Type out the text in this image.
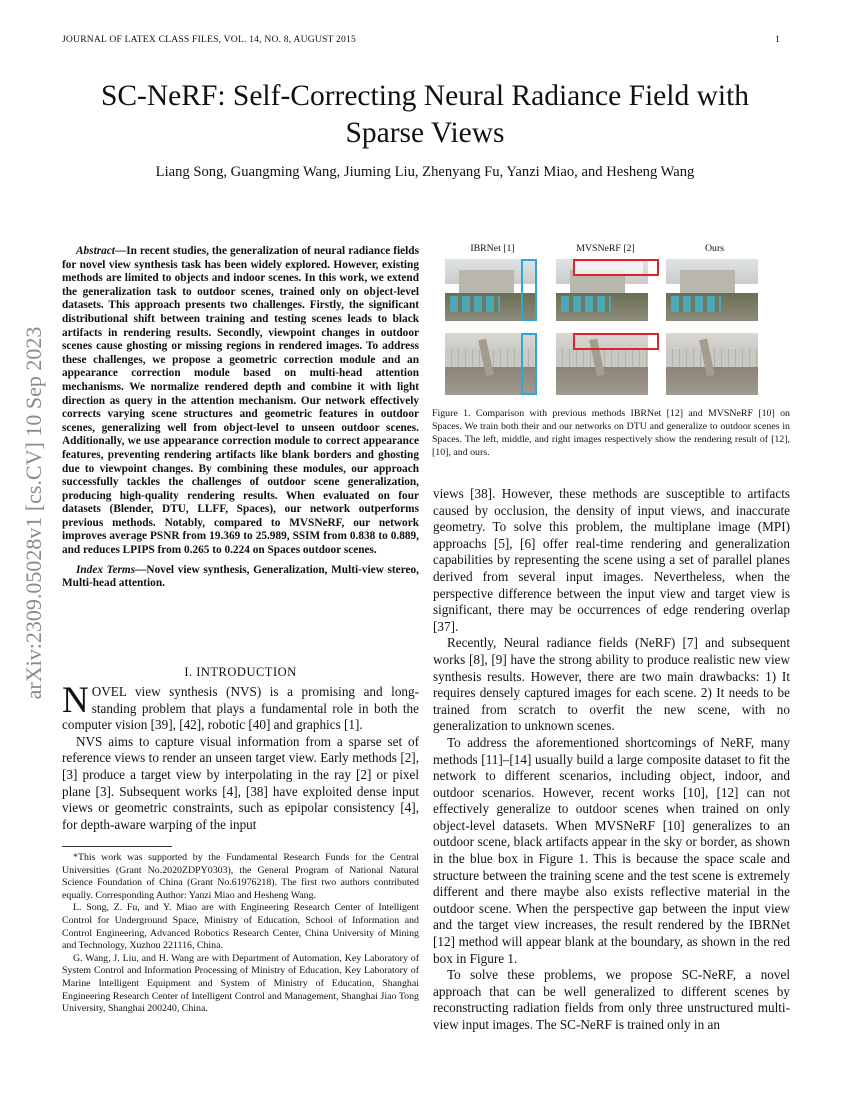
JOURNAL OF LATEX CLASS FILES, VOL. 14, NO. 8, AUGUST 2015	1
arXiv:2309.05028v1 [cs.CV] 10 Sep 2023
SC-NeRF: Self-Correcting Neural Radiance Field with Sparse Views
Liang Song, Guangming Wang, Jiuming Liu, Zhenyang Fu, Yanzi Miao, and Hesheng Wang

Abstract—In recent studies, the generalization of neural radiance fields for novel view synthesis task has been widely explored. However, existing methods are limited to objects and indoor scenes. In this work, we extend the generalization task to outdoor scenes, trained only on object-level datasets. This approach presents two challenges. Firstly, the significant distributional shift between training and testing scenes leads to black artifacts in rendering results. Secondly, viewpoint changes in outdoor scenes cause ghosting or missing regions in rendered images. To address these challenges, we propose a geometric correction module and an appearance correction module based on multi-head attention mechanisms. We normalize rendered depth and combine it with light direction as query in the attention mechanism. Our network effectively corrects varying scene structures and geometric features in outdoor scenes, generalizing well from object-level to unseen outdoor scenes. Additionally, we use appearance correction module to correct appearance features, preventing rendering artifacts like blank borders and ghosting due to viewpoint changes. By combining these modules, our approach successfully tackles the challenges of outdoor scene generalization, producing high-quality rendering results. When evaluated on four datasets (Blender, DTU, LLFF, Spaces), our network outperforms previous methods. Notably, compared to MVSNeRF, our network improves average PSNR from 19.369 to 25.989, SSIM from 0.838 to 0.889, and reduces LPIPS from 0.265 to 0.224 on Spaces outdoor scenes.

Index Terms—Novel view synthesis, Generalization, Multi-view stereo, Multi-head attention.

I. INTRODUCTION

NOVEL view synthesis (NVS) is a promising and long-standing problem that plays a fundamental role in both the computer vision [39], [42], robotic [40] and graphics [1].

NVS aims to capture visual information from a sparse set of reference views to render an unseen target view. Early methods [2], [3] produce a target view by interpolating in the ray [2] or pixel plane [3]. Subsequent works [4], [38] have exploited dense input views or geometric constraints, such as epipolar consistency [4], for depth-aware warping of the input

*This work was supported by the Fundamental Research Funds for the Central Universities (Grant No.2020ZDPY0303), the General Program of National Natural Science Foundation of China (Grant No.61976218). The first two authors contributed equally. Corresponding Author: Yanzi Miao and Hesheng Wang.

L. Song, Z. Fu, and Y. Miao are with Engineering Research Center of Intelligent Control for Underground Space, Ministry of Education, School of Information and Control Engineering, Advanced Robotics Research Center, China University of Mining and Technology, Xuzhou 221116, China.

G. Wang, J. Liu, and H. Wang are with Department of Automation, Key Laboratory of System Control and Information Processing of Ministry of Education, Key Laboratory of Marine Intelligent Equipment and System of Ministry of Education, Shanghai Engineering Research Center of Intelligent Control and Management, Shanghai Jiao Tong University, Shanghai 200240, China.

IBRNet [1]	MVSNeRF [2]	Ours
Figure 1. Comparison with previous methods IBRNet [12] and MVSNeRF [10] on Spaces. We train both their and our networks on DTU and generalize to outdoor scenes in Spaces. The left, middle, and right images respectively show the rendering result of [12], [10], and ours.

views [38]. However, these methods are susceptible to artifacts caused by occlusion, the density of input views, and inaccurate geometry. To solve this problem, the multiplane image (MPI) approachs [5], [6] offer real-time rendering and generalization capabilities by representing the scene using a set of parallel planes derived from several input images. Nevertheless, when the perspective difference between the input view and target view is significant, there may be occurrences of edge rendering overlap [37].

Recently, Neural radiance fields (NeRF) [7] and subsequent works [8], [9] have the strong ability to produce realistic new view synthesis results. However, there are two main drawbacks: 1) It requires densely captured images for each scene. 2) It needs to be trained from scratch to overfit the new scene, with no generalization to unknown scenes.

To address the aforementioned shortcomings of NeRF, many methods [11]–[14] usually build a large composite dataset to fit the network to different scenarios, including object, indoor, and outdoor scenarios. However, recent works [10], [12] can not effectively generalize to outdoor scenes when trained on only object-level datasets. When MVSNeRF [10] generalizes to an outdoor scene, black artifacts appear in the sky or border, as shown in the blue box in Figure 1. This is because the space scale and structure between the training scene and the test scene is extremely different and there maybe also exists reflective material in the outdoor scene. When the perspective gap between the input view and the target view increases, the result rendered by the IBRNet [12] method will appear blank at the boundary, as shown in the red box in Figure 1.

To solve these problems, we propose SC-NeRF, a novel approach that can be well generalized to different scenes by reconstructing radiation fields from only three unstructured multi-view input images. The SC-NeRF is trained only in an
